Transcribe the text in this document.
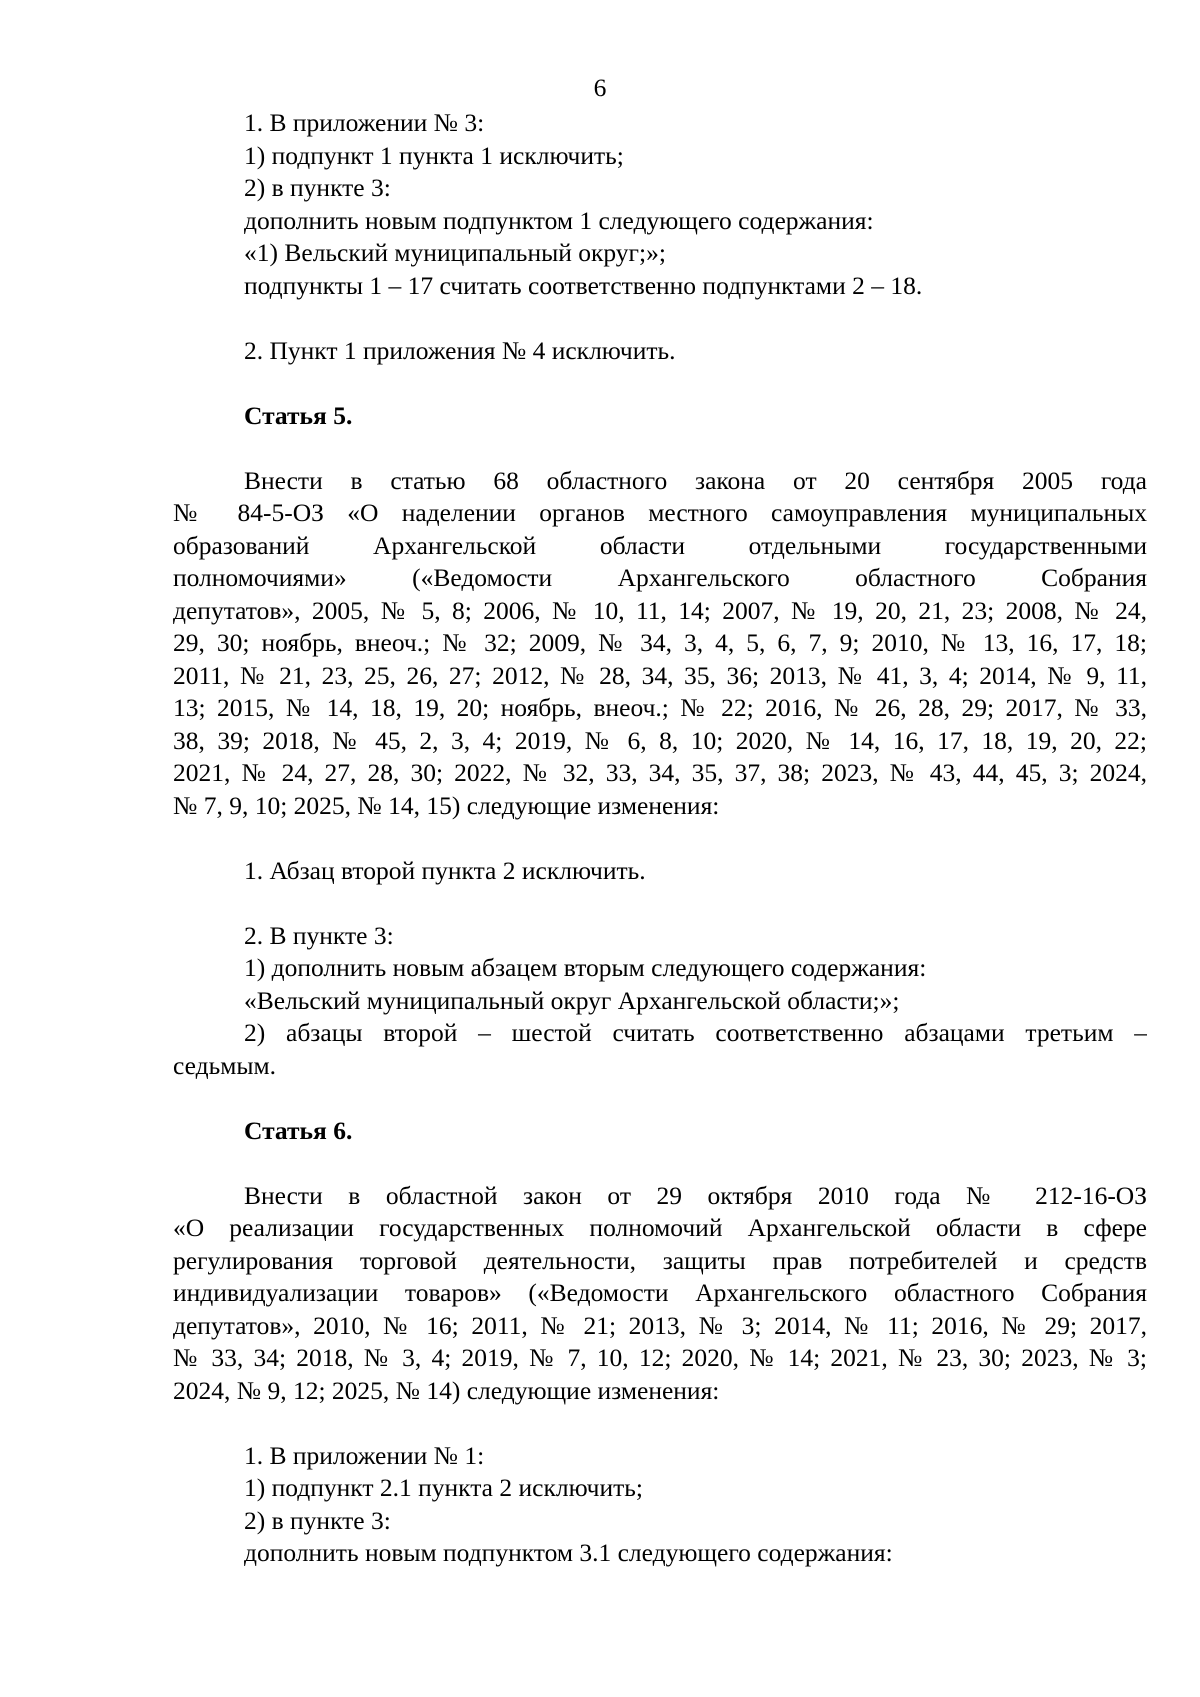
6
1. В приложении № 3:
1) подпункт 1 пункта 1 исключить;
2) в пункте 3:
дополнить новым подпунктом 1 следующего содержания:
«1) Вельский муниципальный округ;»;
подпункты 1 – 17 считать соответственно подпунктами 2 – 18.
2. Пункт 1 приложения № 4 исключить.
Статья 5.
Внести в статью 68 областного закона от 20 сентября 2005 года
№ 84-5-ОЗ «О наделении органов местного самоуправления муниципальных
образований Архангельской области отдельными государственными
полномочиями» («Ведомости Архангельского областного Собрания
депутатов», 2005, № 5, 8; 2006, № 10, 11, 14; 2007, № 19, 20, 21, 23; 2008, № 24,
29, 30; ноябрь, внеоч.; № 32; 2009, № 34, 3, 4, 5, 6, 7, 9; 2010, № 13, 16, 17, 18;
2011, № 21, 23, 25, 26, 27; 2012, № 28, 34, 35, 36; 2013, № 41, 3, 4; 2014, № 9, 11,
13; 2015, № 14, 18, 19, 20; ноябрь, внеоч.; № 22; 2016, № 26, 28, 29; 2017, № 33,
38, 39; 2018, № 45, 2, 3, 4; 2019, № 6, 8, 10; 2020, № 14, 16, 17, 18, 19, 20, 22;
2021, № 24, 27, 28, 30; 2022, № 32, 33, 34, 35, 37, 38; 2023, № 43, 44, 45, 3; 2024,
№ 7, 9, 10; 2025, № 14, 15) следующие изменения:
1. Абзац второй пункта 2 исключить.
2. В пункте 3:
1) дополнить новым абзацем вторым следующего содержания:
«Вельский муниципальный округ Архангельской области;»;
2) абзацы второй – шестой считать соответственно абзацами третьим –
седьмым.
Статья 6.
Внести в областной закон от 29 октября 2010 года № 212-16-ОЗ
«О реализации государственных полномочий Архангельской области в сфере
регулирования торговой деятельности, защиты прав потребителей и средств
индивидуализации товаров» («Ведомости Архангельского областного Собрания
депутатов», 2010, № 16; 2011, № 21; 2013, № 3; 2014, № 11; 2016, № 29; 2017,
№ 33, 34; 2018, № 3, 4; 2019, № 7, 10, 12; 2020, № 14; 2021, № 23, 30; 2023, № 3;
2024, № 9, 12; 2025, № 14) следующие изменения:
1. В приложении № 1:
1) подпункт 2.1 пункта 2 исключить;
2) в пункте 3:
дополнить новым подпунктом 3.1 следующего содержания:
